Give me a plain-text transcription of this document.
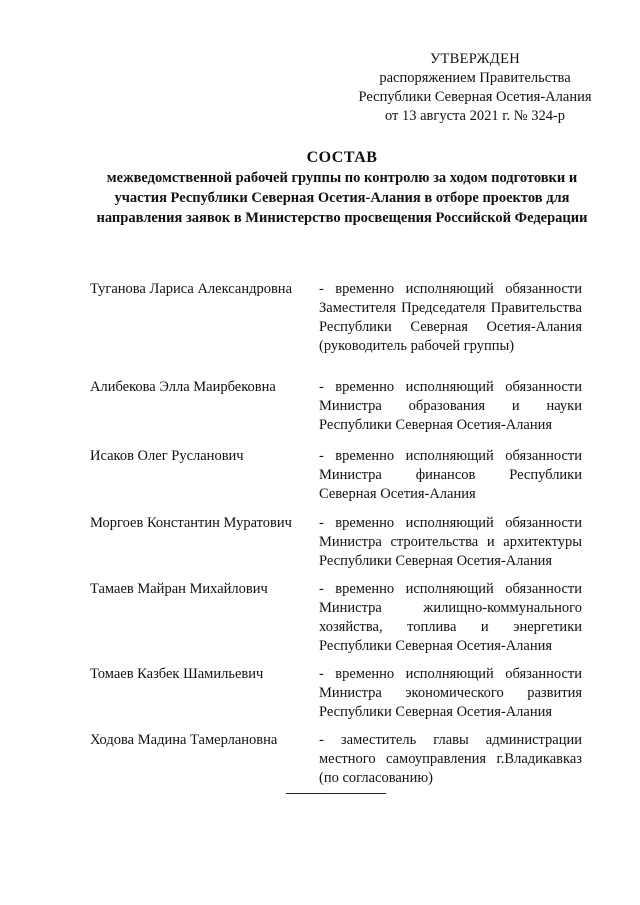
УТВЕРЖДЕН
распоряжением Правительства
Республики Северная Осетия-Алания
от 13 августа 2021 г. № 324-р
СОСТАВ
межведомственной рабочей группы по контролю за ходом подготовки и участия Республики Северная Осетия-Алания в отборе проектов для направления заявок в Министерство просвещения Российской Федерации
Туганова Лариса Александровна	- временно исполняющий обязанности Заместителя Председателя Правительства Республики Северная Осетия-Алания (руководитель рабочей группы)
Алибекова Элла Маирбековна	- временно исполняющий обязанности Министра образования и науки Республики Северная Осетия-Алания
Исаков Олег Русланович	- временно исполняющий обязанности Министра финансов Республики Северная Осетия-Алания
Моргоев Константин Муратович	- временно исполняющий обязанности Министра строительства и архитектуры Республики Северная Осетия-Алания
Тамаев Майран Михайлович	- временно исполняющий обязанности Министра жилищно-коммунального хозяйства, топлива и энергетики Республики Северная Осетия-Алания
Томаев Казбек Шамильевич	- временно исполняющий обязанности Министра экономического развития Республики Северная Осетия-Алания
Ходова Мадина Тамерлановна	- заместитель главы администрации местного самоуправления г.Владикавказ (по согласованию)
